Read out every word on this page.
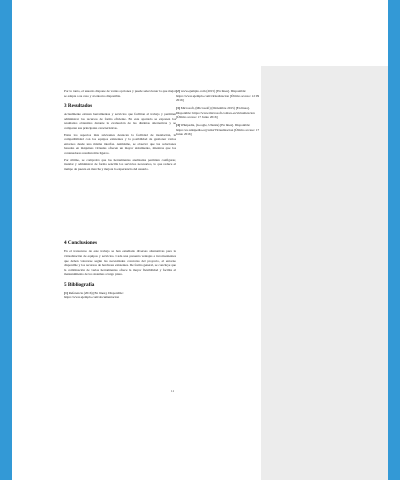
Por lo tanto, el usuario dispone de varias opciones y puede seleccionar la que mejor se adapte a su caso y al entorno disponible.

3 Resultados

Actualmente existen herramientas y servicios que facilitan el trabajo y permiten administrar los recursos de forma eficiente. En este apartado se exponen los resultados obtenidos durante la evaluación de las distintas alternativas y se comparan sus principales características.

Entre los aspectos más relevantes destacan la facilidad de instalación, la compatibilidad con los equipos existentes y la posibilidad de gestionar varios entornos desde una misma interfaz. Asimismo, se observó que las soluciones basadas en máquinas virtuales ofrecen un mayor aislamiento, mientras que los contenedores resultan más ligeros.

Por último, se comprobó que las herramientas analizadas permiten configurar, instalar y administrar de forma sencilla los servicios necesarios, lo que reduce el tiempo de puesta en marcha y mejora la experiencia del usuario.

4 Conclusiones

En el transcurso de este trabajo se han estudiado diversas alternativas para la virtualización de equipos y servicios. Cada una presenta ventajas e inconvenientes que deben valorarse según las necesidades concretas del proyecto, el entorno disponible y los recursos de hardware existentes. De forma general, se concluye que la combinación de varias herramientas ofrece la mayor flexibilidad y facilita el mantenimiento de los sistemas a largo plazo.

5 Bibliografía
[1] Referencia (2016) [En línea]. Disponible: https://www.ejemplo.com/documentacion
[2] www.ejemplo.com (2015) [En línea]. Disponible: https://www.ejemplo.com/virtualizacion [Último acceso: 12 09 2016]
[3] Microsoft, (Microsoft) (Diciembre 2015) [En línea]. Disponible: https://www.microsoft.com/es-es/virtualizacion [Último acceso: 17 Junio 2016]
[4] Wikipedia, (Google, Ubuntu) [En línea]. Disponible: https://es.wikipedia.org/wiki/Virtualizacion [Último acceso: 17 Junio 2016]
11
